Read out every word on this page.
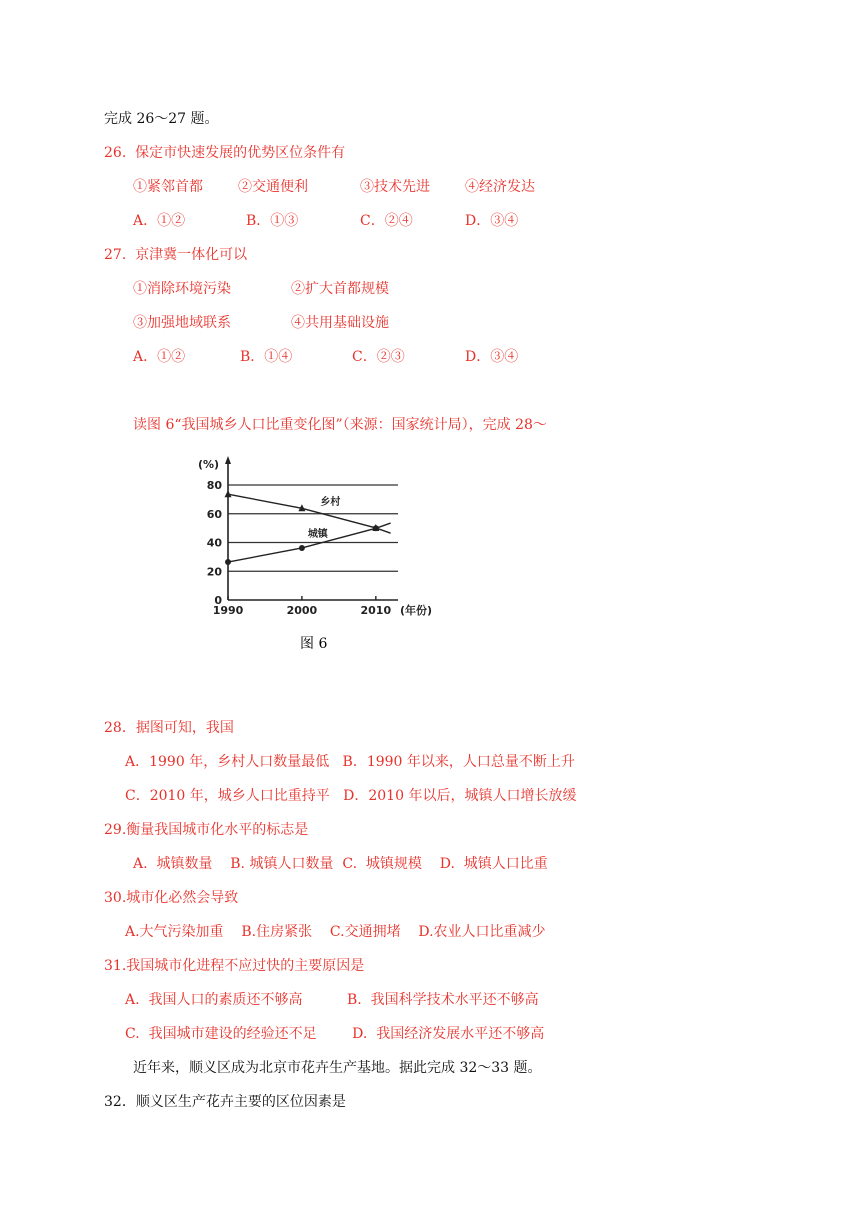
完成 26～27 题。
26.  保定市快速发展的优势区位条件有
①紧邻首都	②交通便利	③技术先进	④经济发达
A．①②	B．①③	C．②④	D．③④
27.  京津冀一体化可以
①消除环境污染	②扩大首都规模
③加强地域联系	④共用基础设施
A．①②	B．①④	C．②③	D．③④
读图 6“我国城乡人口比重变化图”（来源：国家统计局），完成 28～
0
20
40
60
80
1990	2000	2010
(%)
(年份)
乡村
城镇
图 6
28．据图可知，我国
A．1990 年，乡村人口数量最低   B．1990 年以来，人口总量不断上升
C．2010 年，城乡人口比重持平   D．2010 年以后，城镇人口增长放缓
29.衡量我国城市化水平的标志是
A.  城镇数量    B. 城镇人口数量  C.  城镇规模    D.  城镇人口比重
30.城市化必然会导致
A.大气污染加重    B.住房紧张    C.交通拥堵    D.农业人口比重减少
31.我国城市化进程不应过快的主要原因是
A.  我国人口的素质还不够高          B.  我国科学技术水平还不够高
C.  我国城市建设的经验还不足        D.  我国经济发展水平还不够高
近年来，顺义区成为北京市花卉生产基地。据此完成 32～33 题。
32．顺义区生产花卉主要的区位因素是
